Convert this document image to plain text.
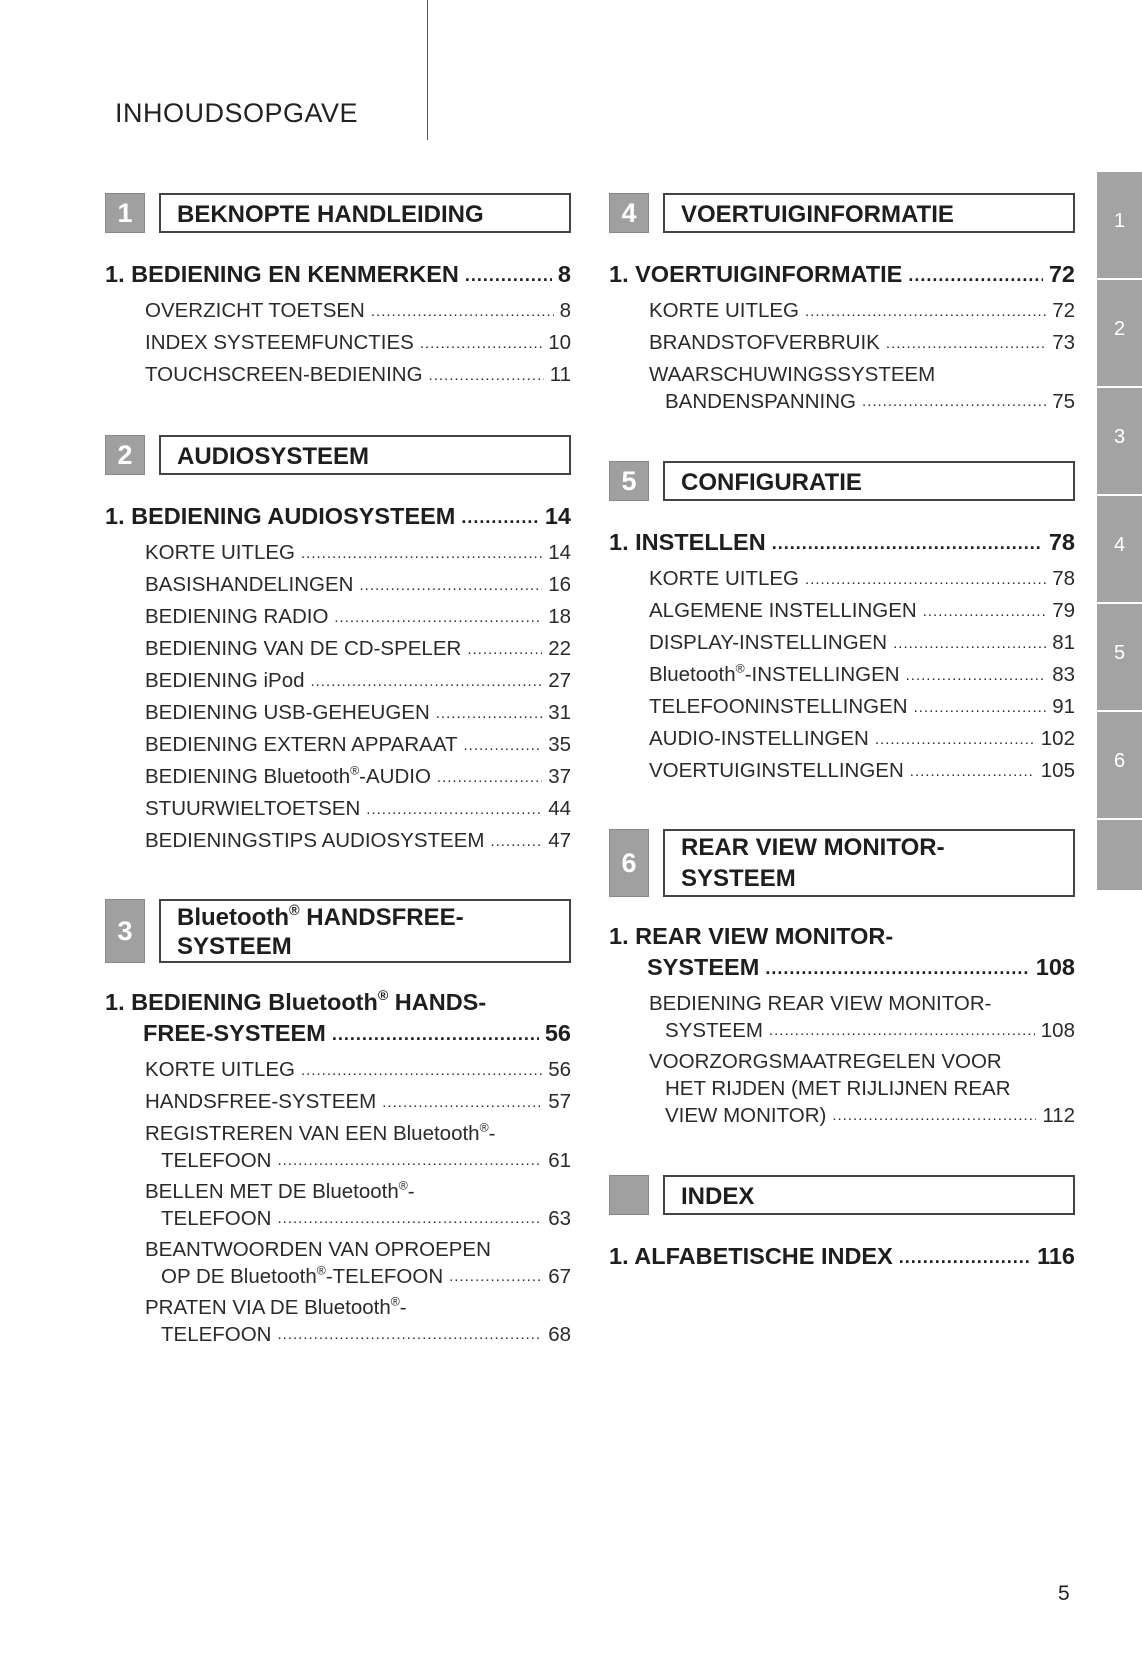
INHOUDSOPGAVE
1	BEKNOPTE HANDLEIDING
1. BEDIENING EN KENMERKEN .....	8
OVERZICHT TOETSEN .....	8
INDEX SYSTEEMFUNCTIES .....	10
TOUCHSCREEN-BEDIENING .....	11
2	AUDIOSYSTEEM
1. BEDIENING AUDIOSYSTEEM .....	14
KORTE UITLEG .....	14
BASISHANDELINGEN .....	16
BEDIENING RADIO .....	18
BEDIENING VAN DE CD-SPELER .....	22
BEDIENING iPod .....	27
BEDIENING USB-GEHEUGEN .....	31
BEDIENING EXTERN APPARAAT .....	35
BEDIENING Bluetooth®-AUDIO .....	37
STUURWIELTOETSEN .....	44
BEDIENINGSTIPS AUDIOSYSTEEM .....	47
3	Bluetooth® HANDSFREE-
SYSTEEM
1. BEDIENING Bluetooth® HANDS-
FREE-SYSTEEM .....	56
KORTE UITLEG .....	56
HANDSFREE-SYSTEEM .....	57
REGISTREREN VAN EEN Bluetooth®-
TELEFOON .....	61
BELLEN MET DE Bluetooth®-
TELEFOON .....	63
BEANTWOORDEN VAN OPROEPEN
OP DE Bluetooth®-TELEFOON .....	67
PRATEN VIA DE Bluetooth®-
TELEFOON .....	68
4	VOERTUIGINFORMATIE
1. VOERTUIGINFORMATIE .....	72
KORTE UITLEG .....	72
BRANDSTOFVERBRUIK .....	73
WAARSCHUWINGSSYSTEEM
BANDENSPANNING .....	75
5	CONFIGURATIE
1. INSTELLEN .....	78
KORTE UITLEG .....	78
ALGEMENE INSTELLINGEN .....	79
DISPLAY-INSTELLINGEN .....	81
Bluetooth®-INSTELLINGEN .....	83
TELEFOONINSTELLINGEN .....	91
AUDIO-INSTELLINGEN .....	102
VOERTUIGINSTELLINGEN .....	105
6	REAR VIEW MONITOR-
SYSTEEM
1. REAR VIEW MONITOR-
SYSTEEM .....	108
BEDIENING REAR VIEW MONITOR-
SYSTEEM .....	108
VOORZORGSMAATREGELEN VOOR
HET RIJDEN (MET RIJLIJNEN REAR
VIEW MONITOR) .....	112
INDEX
1. ALFABETISCHE INDEX .....	116
1
2
3
4
5
6
5
